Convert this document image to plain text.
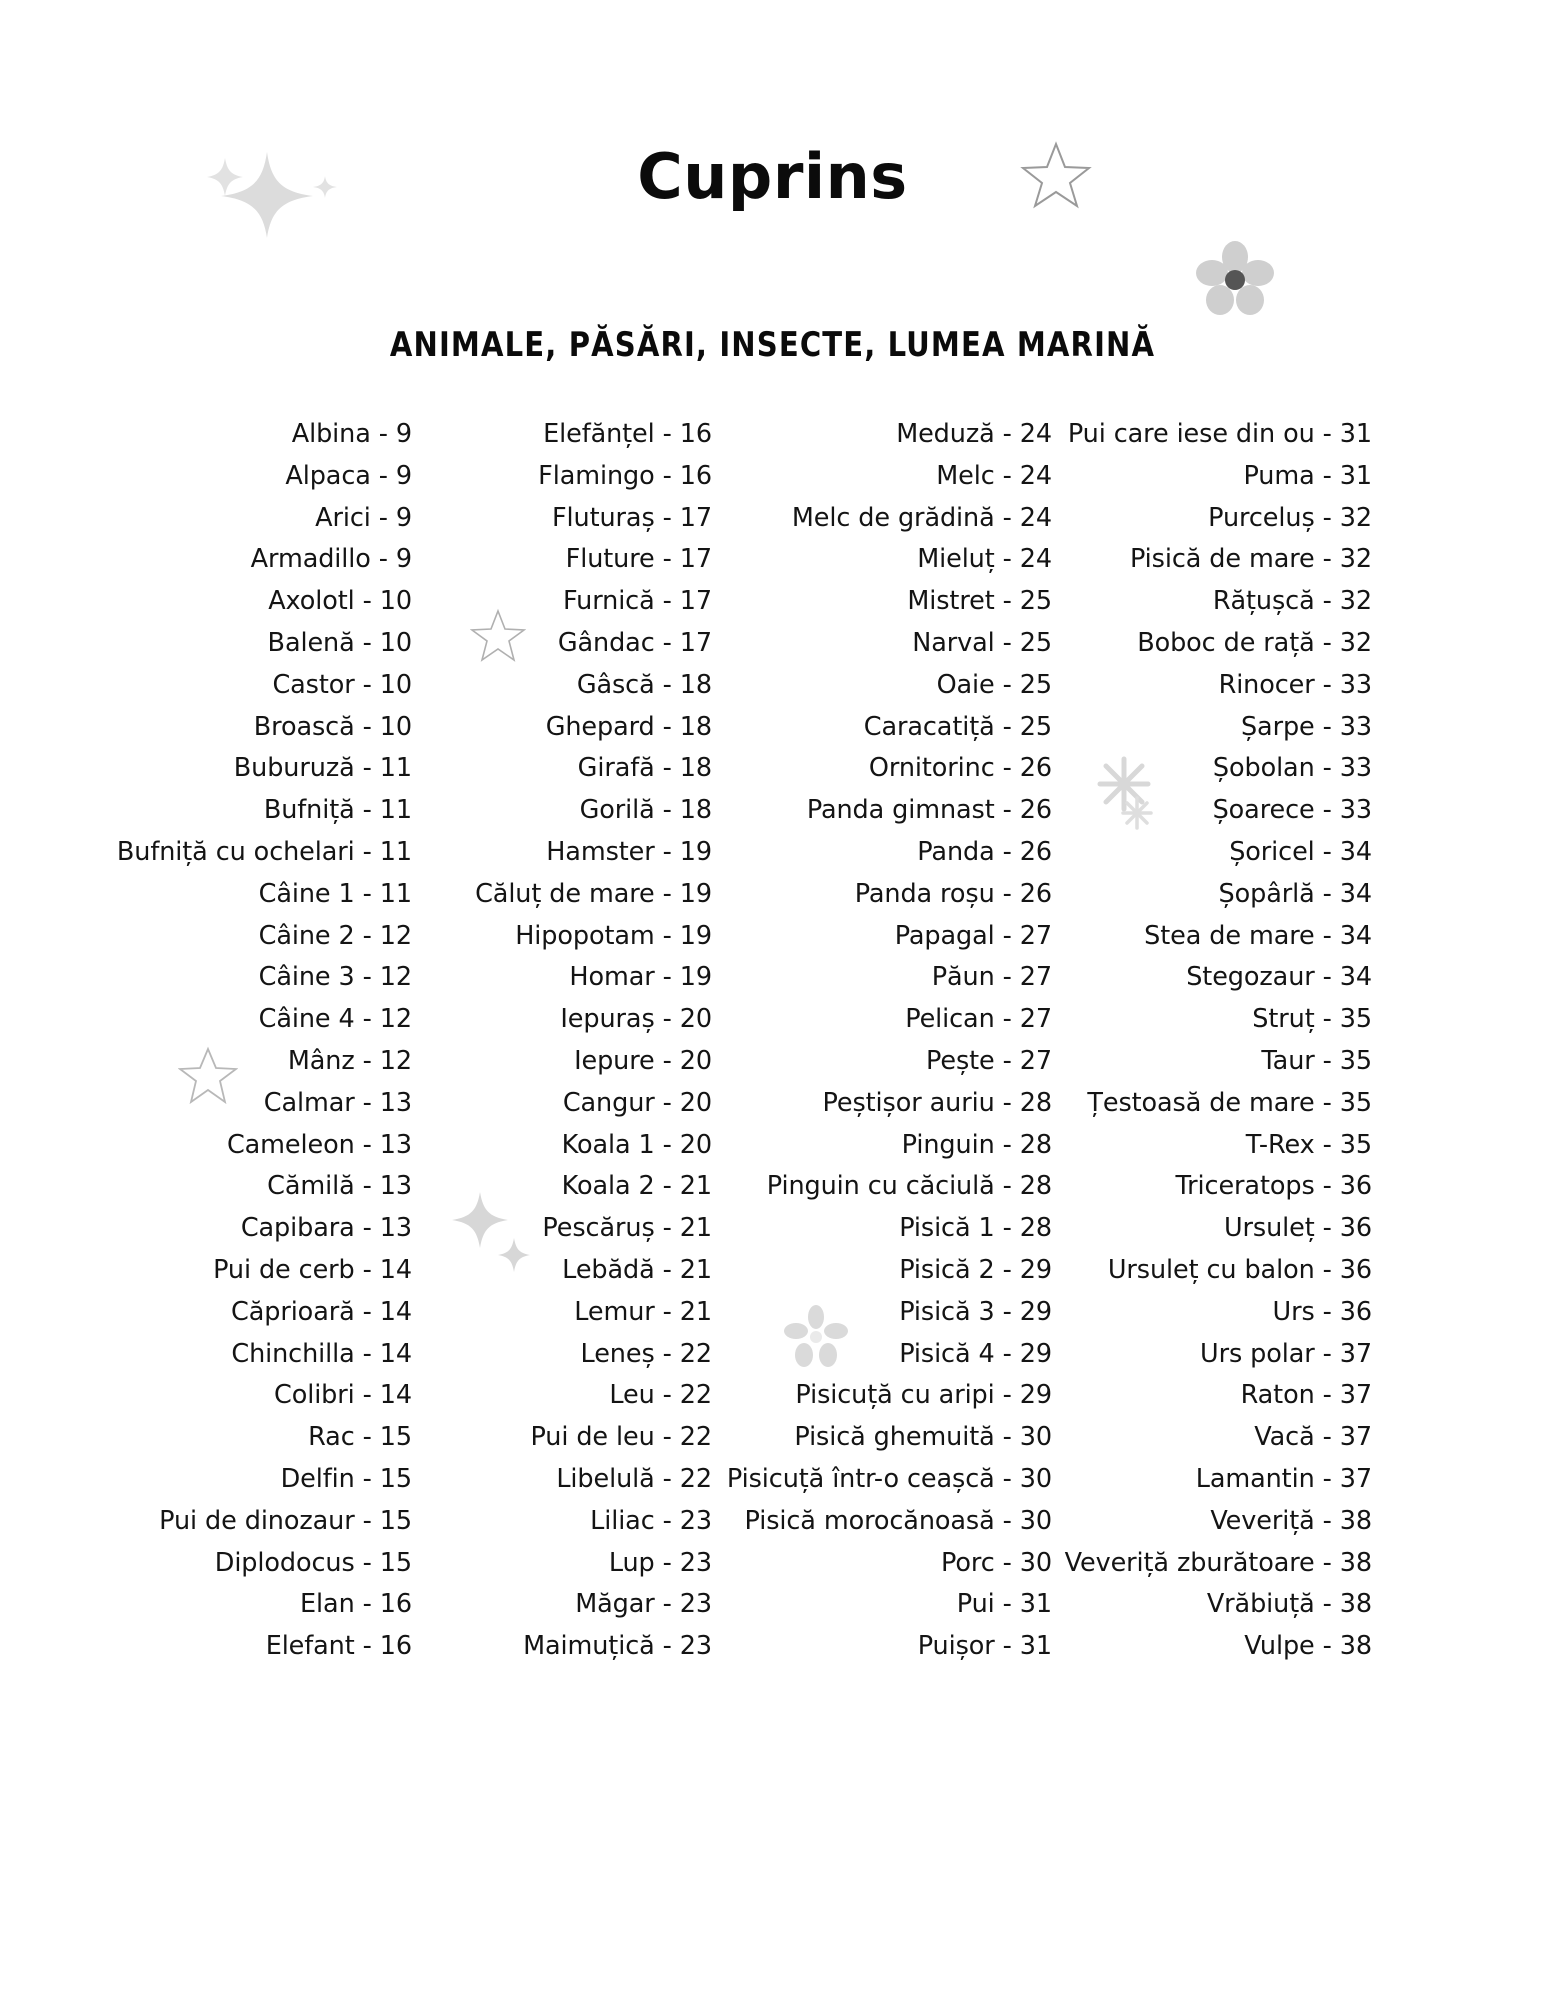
Cuprins
ANIMALE, PĂSĂRI, INSECTE, LUMEA MARINĂ
Albina - 9
Alpaca - 9
Arici - 9
Armadillo - 9
Axolotl - 10
Balenă - 10
Castor - 10
Broască - 10
Buburuză - 11
Bufniță - 11
Bufniță cu ochelari - 11
Câine 1 - 11
Câine 2 - 12
Câine 3 - 12
Câine 4 - 12
Mânz - 12
Calmar - 13
Cameleon - 13
Cămilă - 13
Capibara - 13
Pui de cerb - 14
Căprioară - 14
Chinchilla - 14
Colibri - 14
Rac - 15
Delfin - 15
Pui de dinozaur - 15
Diplodocus - 15
Elan - 16
Elefant - 16
Elefănțel - 16
Flamingo - 16
Fluturaș - 17
Fluture - 17
Furnică - 17
Gândac - 17
Gâscă - 18
Ghepard - 18
Girafă - 18
Gorilă - 18
Hamster - 19
Căluț de mare - 19
Hipopotam - 19
Homar - 19
Iepuraș - 20
Iepure - 20
Cangur - 20
Koala 1 - 20
Koala 2 - 21
Pescăruș - 21
Lebădă - 21
Lemur - 21
Leneș - 22
Leu - 22
Pui de leu - 22
Libelulă - 22
Liliac - 23
Lup - 23
Măgar - 23
Maimuțică - 23
Meduză - 24
Melc - 24
Melc de grădină - 24
Mieluț - 24
Mistret - 25
Narval - 25
Oaie - 25
Caracatiță - 25
Ornitorinc - 26
Panda gimnast - 26
Panda - 26
Panda roșu - 26
Papagal - 27
Păun - 27
Pelican - 27
Pește - 27
Peștișor auriu - 28
Pinguin - 28
Pinguin cu căciulă - 28
Pisică 1 - 28
Pisică 2 - 29
Pisică 3 - 29
Pisică 4 - 29
Pisicuță cu aripi - 29
Pisică ghemuită - 30
Pisicuță într-o ceașcă - 30
Pisică morocănoasă - 30
Porc - 30
Pui - 31
Puișor - 31
Pui care iese din ou - 31
Puma - 31
Purceluș - 32
Pisică de mare - 32
Rățușcă - 32
Boboc de rață - 32
Rinocer - 33
Șarpe - 33
Șobolan - 33
Șoarece - 33
Șoricel - 34
Șopârlă - 34
Stea de mare - 34
Stegozaur - 34
Struț - 35
Taur - 35
Țestoasă de mare - 35
T-Rex - 35
Triceratops - 36
Ursuleț - 36
Ursuleț cu balon - 36
Urs - 36
Urs polar - 37
Raton - 37
Vacă - 37
Lamantin - 37
Veveriță - 38
Veveriță zburătoare - 38
Vrăbiuță - 38
Vulpe - 38
